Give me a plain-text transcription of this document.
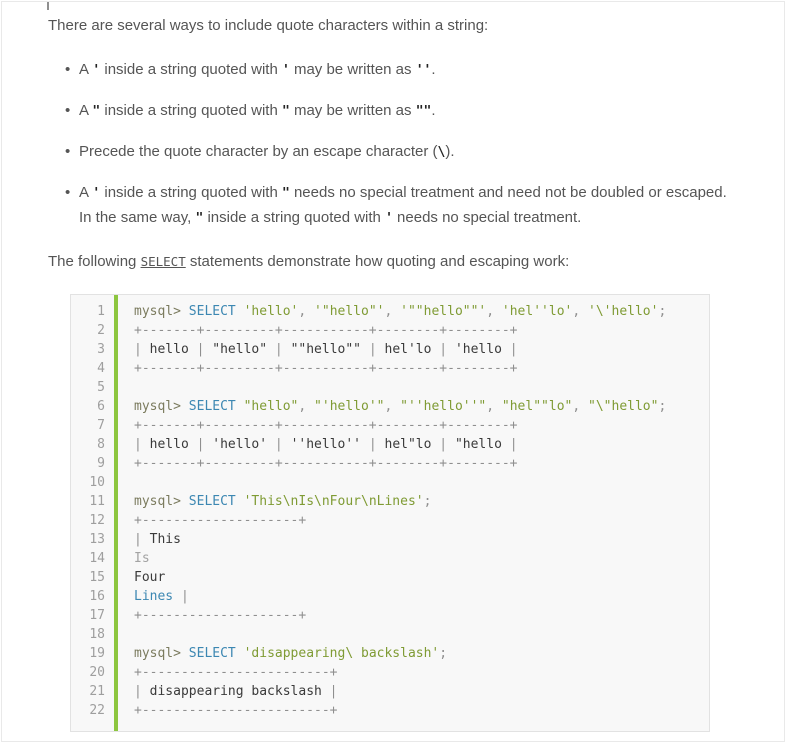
There are several ways to include quote characters within a string:

• A ' inside a string quoted with ' may be written as ''.
• A " inside a string quoted with " may be written as "".
• Precede the quote character by an escape character (\).
• A ' inside a string quoted with " needs no special treatment and need not be doubled or escaped. In the same way, " inside a string quoted with ' needs no special treatment.

The following SELECT statements demonstrate how quoting and escaping work:

1
2
3
4
5
6
7
8
9
10
11
12
13
14
15
16
17
18
19
20
21
22
mysql> SELECT 'hello', '"hello"', '""hello""', 'hel''lo', '\'hello';
+-------+---------+-----------+--------+--------+
| hello | "hello" | ""hello"" | hel'lo | 'hello |
+-------+---------+-----------+--------+--------+

mysql> SELECT "hello", "'hello'", "''hello''", "hel""lo", "\"hello";
+-------+---------+-----------+--------+--------+
| hello | 'hello' | ''hello'' | hel"lo | "hello |
+-------+---------+-----------+--------+--------+

mysql> SELECT 'This\nIs\nFour\nLines';
+--------------------+
| This
Is
Four
Lines |
+--------------------+

mysql> SELECT 'disappearing\ backslash';
+------------------------+
| disappearing backslash |
+------------------------+
